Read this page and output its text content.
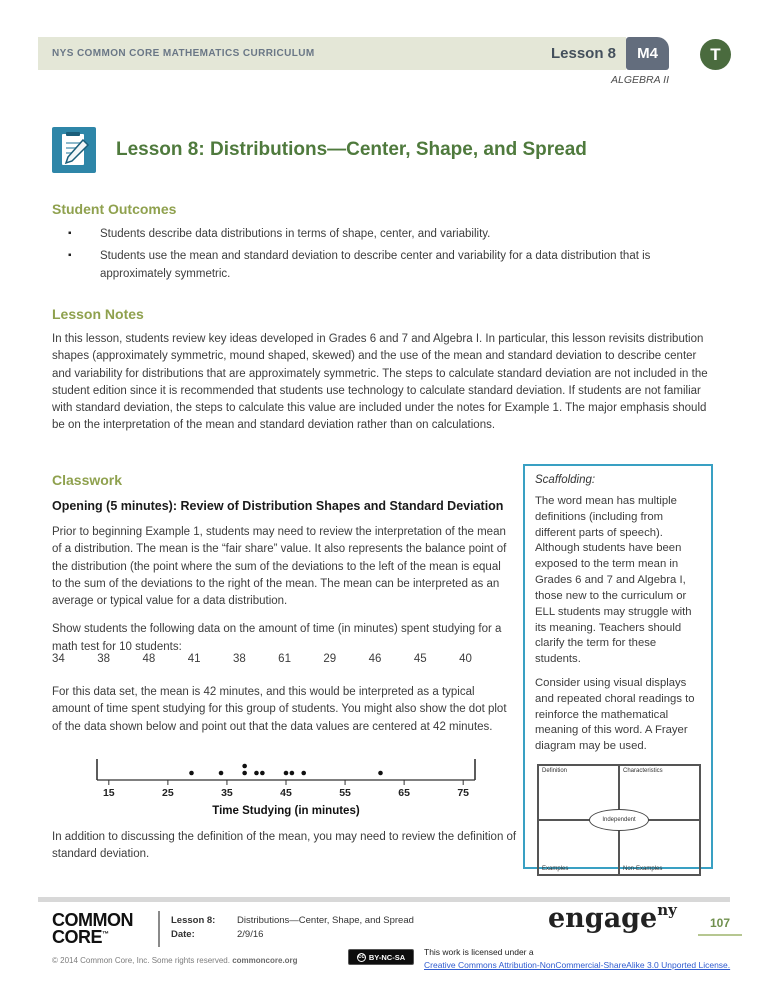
NYS COMMON CORE MATHEMATICS CURRICULUM	Lesson 8	M4	T
ALGEBRA II
Lesson 8: Distributions—Center, Shape, and Spread
Student Outcomes
▪ Students describe data distributions in terms of shape, center, and variability.
▪ Students use the mean and standard deviation to describe center and variability for a data distribution that is approximately symmetric.
Lesson Notes

In this lesson, students review key ideas developed in Grades 6 and 7 and Algebra I. In particular, this lesson revisits distribution shapes (approximately symmetric, mound shaped, skewed) and the use of the mean and standard deviation to describe center and variability for distributions that are approximately symmetric. The steps to calculate standard deviation are not included in the student edition since it is recommended that students use technology to calculate standard deviation. If students are not familiar with standard deviation, the steps to calculate this value are included under the notes for Example 1. The major emphasis should be on the interpretation of the mean and standard deviation rather than on calculations.

Classwork
Opening (5 minutes): Review of Distribution Shapes and Standard Deviation

Prior to beginning Example 1, students may need to review the interpretation of the mean of a distribution. The mean is the “fair share” value. It also represents the balance point of the distribution (the point where the sum of the deviations to the left of the mean is equal to the sum of the deviations to the right of the mean. The mean can be interpreted as an average or typical value for a data distribution.

Show students the following data on the amount of time (in minutes) spent studying for a math test for 10 students:

34	38	48	41	38	61	29	46	45	40

For this data set, the mean is 42 minutes, and this would be interpreted as a typical amount of time spent studying for this group of students. You might also show the dot plot of the data shown below and point out that the data values are centered at 42 minutes.

15	25	35	45	55	65	75
Time Studying (in minutes)

In addition to discussing the definition of the mean, you may need to review the definition of standard deviation.

Scaffolding:

The word mean has multiple definitions (including from different parts of speech). Although students have been exposed to the term mean in Grades 6 and 7 and Algebra I, those new to the curriculum or ELL students may struggle with its meaning. Teachers should clarify the term for these students.

Consider using visual displays and repeated choral readings to reinforce the mathematical meaning of this word. A Frayer diagram may be used.

Definition	Characteristics
Examples	Non-Examples
Independent
COMMON
CORE™
Lesson 8:
Date:
Distributions—Center, Shape, and Spread
2/9/16
engage$^{ny}$
107
© 2014 Common Core, Inc. Some rights reserved. commoncore.org	cc BY-NC-SA This work is licensed under a
Creative Commons Attribution-NonCommercial-ShareAlike 3.0 Unported License.
